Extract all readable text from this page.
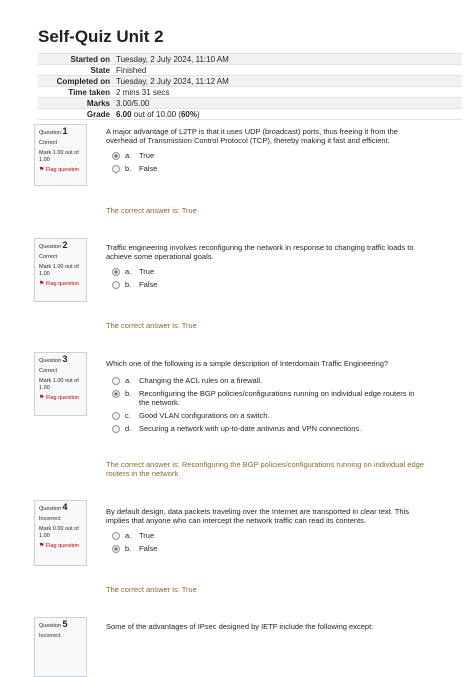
Self-Quiz Unit 2
Started on	Tuesday, 2 July 2024, 11:10 AM
State	Finished
Completed on	Tuesday, 2 July 2024, 11:12 AM
Time taken	2 mins 31 secs
Marks	3.00/5.00
Grade	6.00 out of 10.00 (60%)
Question 1
Correct
Mark 1.00 out of 1.00
⚑ Flag question

A major advantage of L2TP is that it uses UDP (broadcast) ports, thus freeing it from the overhead of Transmission Control Protocol (TCP), thereby making it fast and efficient.

a.	True
b.	False
The correct answer is: True
Question 2
Correct
Mark 1.00 out of 1.00
⚑ Flag question

Traffic engineering involves reconfiguring the network in response to changing traffic loads to achieve some operational goals.

a.	True
b.	False
The correct answer is: True
Question 3
Correct
Mark 1.00 out of 1.00
⚑ Flag question

Which one of the following is a simple description of Interdomain Traffic Engineering?

a.	Changing the ACL rules on a firewall.
b.	Reconfiguring the BGP policies/configurations running on individual edge routers in the network.
c.	Good VLAN configurations on a switch.
d.	Securing a network with up-to-date antivirus and VPN connections.
The correct answer is: Reconfiguring the BGP policies/configurations running on individual edge routers in the network.
Question 4
Incorrect
Mark 0.00 out of 1.00
⚑ Flag question

By default design, data packets traveling over the Internet are transported in clear text. This implies that anyone who can intercept the network traffic can read its contents.

a.	True
b.	False
The correct answer is: True
Question 5
Incorrect

Some of the advantages of IPsec designed by IETF include the following except:
